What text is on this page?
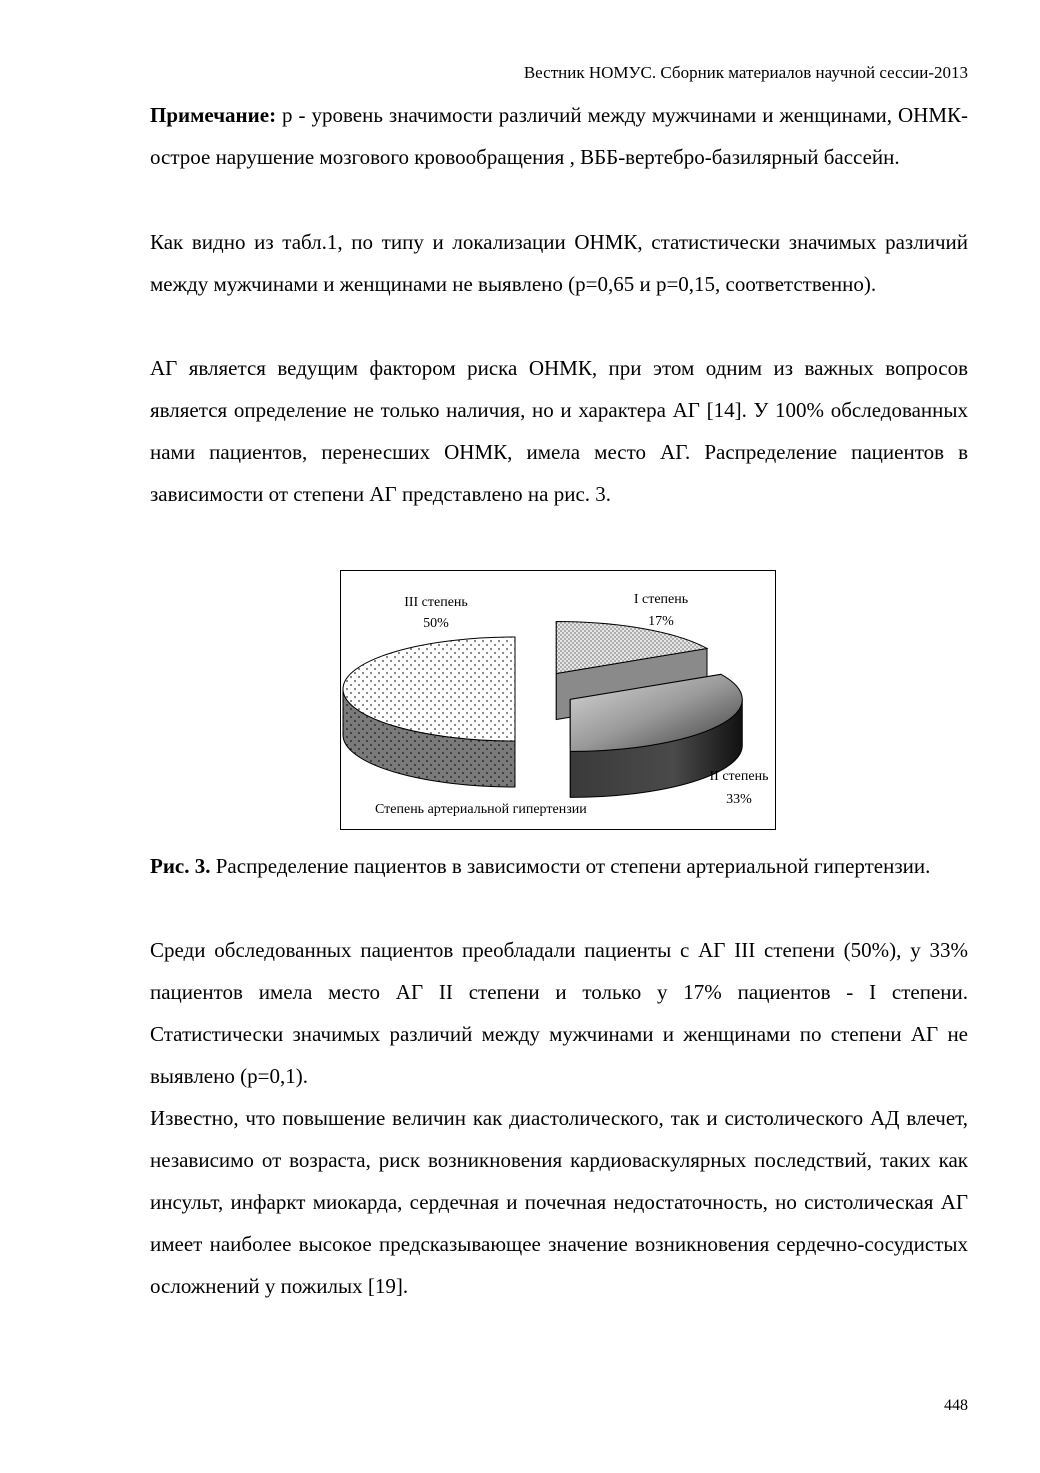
Вестник НОМУС. Сборник материалов научной сессии-2013
Примечание: р - уровень значимости различий между мужчинами и женщинами, ОНМК- острое нарушение мозгового кровообращения , ВББ-вертебро-базилярный бассейн.
Как видно из табл.1, по типу и локализации ОНМК, статистически значимых различий между мужчинами и женщинами не выявлено (р=0,65 и р=0,15, соответственно).
АГ является ведущим фактором риска ОНМК, при этом одним из важных вопросов является определение не только наличия, но и характера АГ [14]. У 100% обследованных нами пациентов, перенесших ОНМК, имела место АГ. Распределение пациентов в зависимости от степени АГ представлено на рис. 3.
III степень
50%
I степень
17%
II степень
33%
Степень артериальной гипертензии
Рис. 3. Распределение пациентов в зависимости от степени артериальной гипертензии.
Среди обследованных пациентов преобладали пациенты с АГ III степени (50%), у 33% пациентов имела место АГ II степени и только у 17% пациентов - I степени. Статистически значимых различий между мужчинами и женщинами по степени АГ не выявлено (р=0,1).
Известно, что повышение величин как диастолического, так и систолического АД влечет, независимо от возраста, риск возникновения кардиоваскулярных последствий, таких как инсульт, инфаркт миокарда, сердечная и почечная недостаточность, но систолическая АГ имеет наиболее высокое предсказывающее значение возникновения сердечно-сосудистых осложнений у пожилых [19].
448
